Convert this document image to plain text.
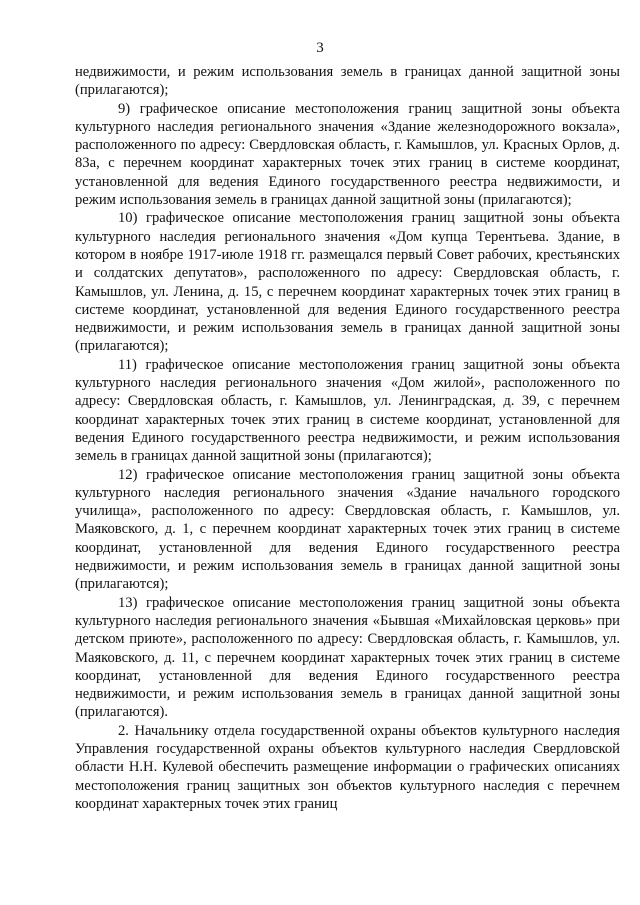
3

недвижимости, и режим использования земель в границах данной защитной зоны (прилагаются);

9) графическое описание местоположения границ защитной зоны объекта культурного наследия регионального значения «Здание железнодорожного вокзала», расположенного по адресу: Свердловская область, г. Камышлов, ул. Красных Орлов, д. 83а, с перечнем координат характерных точек этих границ в системе координат, установленной для ведения Единого государственного реестра недвижимости, и режим использования земель в границах данной защитной зоны (прилагаются);

10) графическое описание местоположения границ защитной зоны объекта культурного наследия регионального значения «Дом купца Терентьева. Здание, в котором в ноябре 1917-июле 1918 гг. размещался первый Совет рабочих, крестьянских и солдатских депутатов», расположенного по адресу: Свердловская область, г. Камышлов, ул. Ленина, д. 15, с перечнем координат характерных точек этих границ в системе координат, установленной для ведения Единого государственного реестра недвижимости, и режим использования земель в границах данной защитной зоны (прилагаются);

11) графическое описание местоположения границ защитной зоны объекта культурного наследия регионального значения «Дом жилой», расположенного по адресу: Свердловская область, г. Камышлов, ул. Ленинградская, д. 39, с перечнем координат характерных точек этих границ в системе координат, установленной для ведения Единого государственного реестра недвижимости, и режим использования земель в границах данной защитной зоны (прилагаются);

12) графическое описание местоположения границ защитной зоны объекта культурного наследия регионального значения «Здание начального городского училища», расположенного по адресу: Свердловская область, г. Камышлов, ул. Маяковского, д. 1, с перечнем координат характерных точек этих границ в системе координат, установленной для ведения Единого государственного реестра недвижимости, и режим использования земель в границах данной защитной зоны (прилагаются);

13) графическое описание местоположения границ защитной зоны объекта культурного наследия регионального значения «Бывшая «Михайловская церковь» при детском приюте», расположенного по адресу: Свердловская область, г. Камышлов, ул. Маяковского, д. 11, с перечнем координат характерных точек этих границ в системе координат, установленной для ведения Единого государственного реестра недвижимости, и режим использования земель в границах данной защитной зоны (прилагаются).

2. Начальнику отдела государственной охраны объектов культурного наследия Управления государственной охраны объектов культурного наследия Свердловской области Н.Н. Кулевой обеспечить размещение информации о графических описаниях местоположения границ защитных зон объектов культурного наследия с перечнем координат характерных точек этих границ
